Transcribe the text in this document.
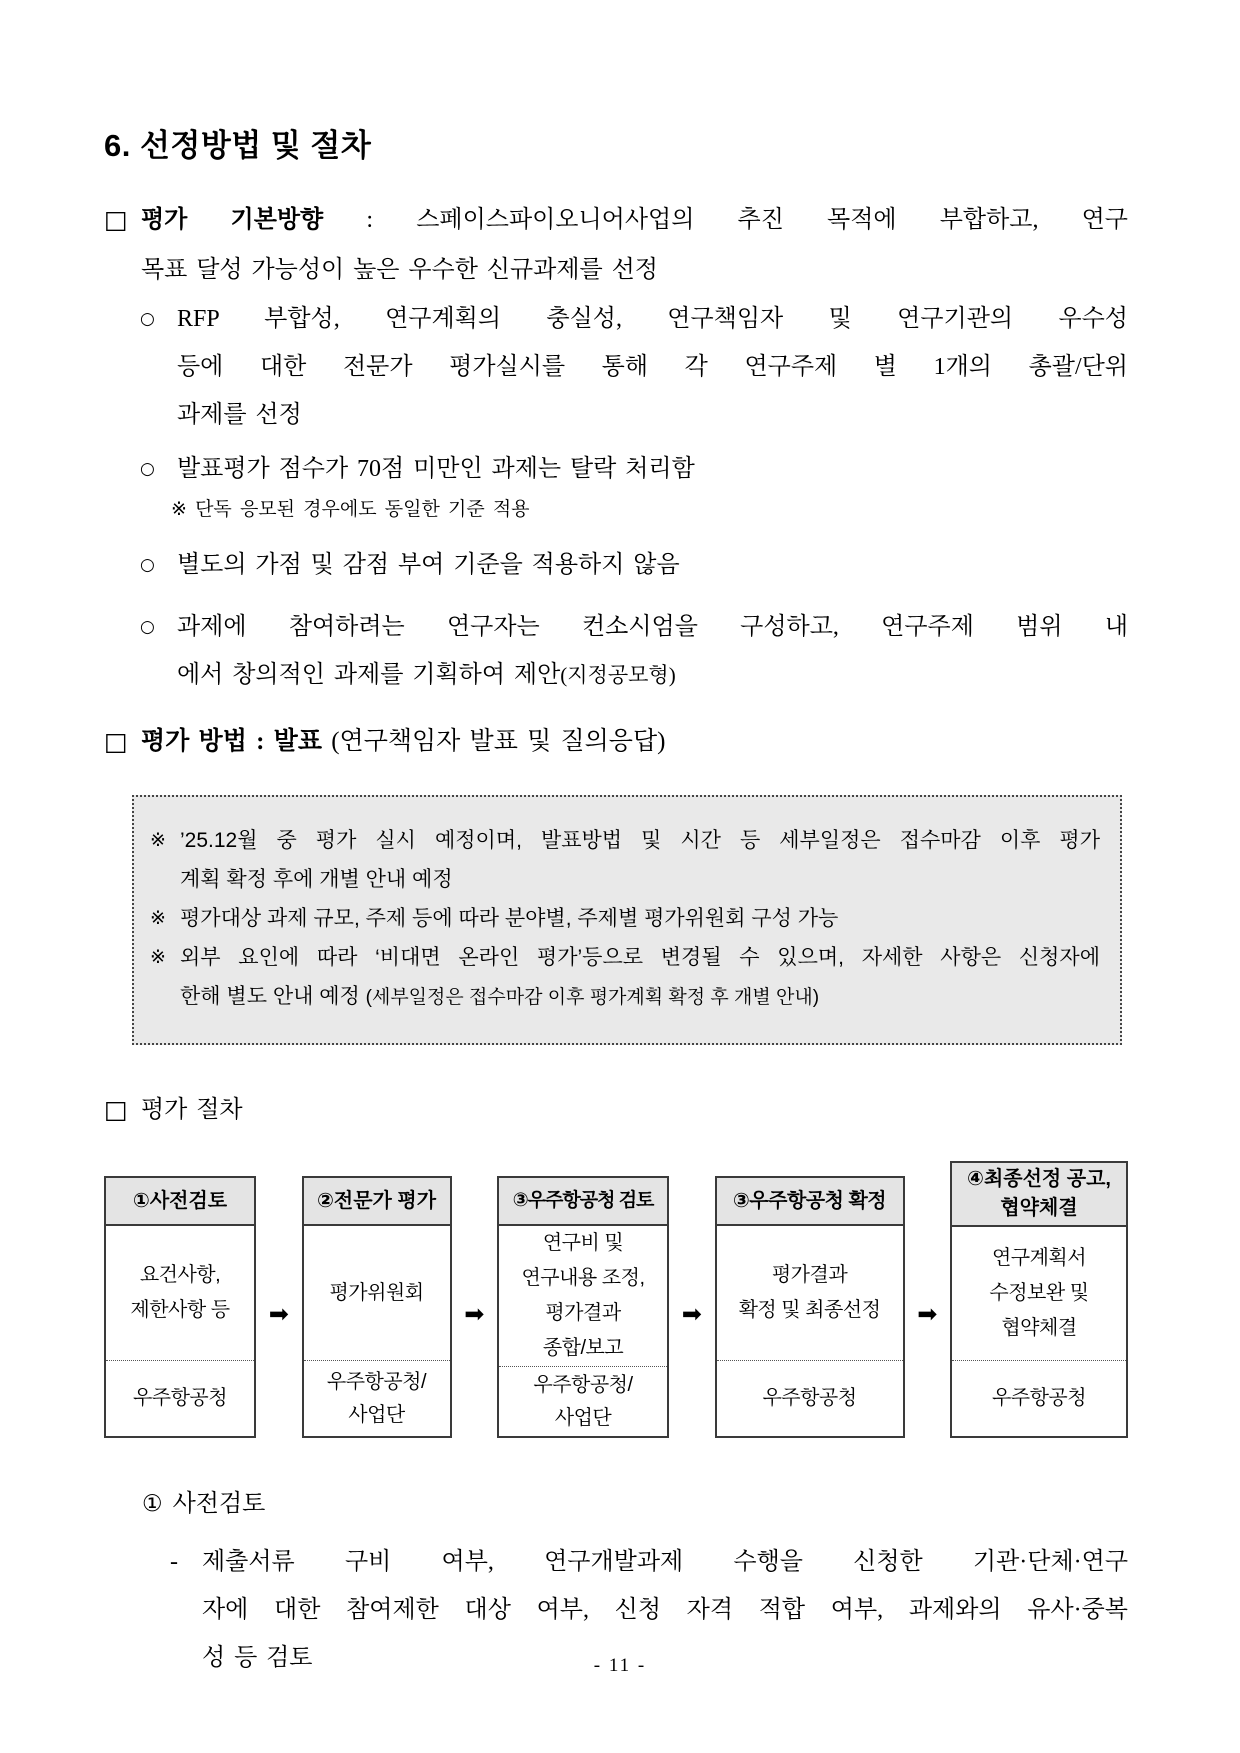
6. 선정방법 및 절차
□ 평가 기본방향 : 스페이스파이오니어사업의 추진 목적에 부합하고, 연구
목표 달성 가능성이 높은 우수한 신규과제를 선정
○ RFP 부합성, 연구계획의 충실성, 연구책임자 및 연구기관의 우수성
등에 대한 전문가 평가실시를 통해 각 연구주제 별 1개의 총괄/단위
과제를 선정
○ 발표평가 점수가 70점 미만인 과제는 탈락 처리함
※ 단독 응모된 경우에도 동일한 기준 적용
○ 별도의 가점 및 감점 부여 기준을 적용하지 않음
○ 과제에 참여하려는 연구자는 컨소시엄을 구성하고, 연구주제 범위 내
에서 창의적인 과제를 기획하여 제안(지정공모형)
□ 평가 방법 : 발표 (연구책임자 발표 및 질의응답)
※ ’25.12월 중 평가 실시 예정이며, 발표방법 및 시간 등 세부일정은 접수마감 이후 평가
계획 확정 후에 개별 안내 예정
※ 평가대상 과제 규모, 주제 등에 따라 분야별, 주제별 평가위원회 구성 가능
※ 외부 요인에 따라 ‘비대면 온라인 평가’등으로 변경될 수 있으며, 자세한 사항은 신청자에
한해 별도 안내 예정 (세부일정은 접수마감 이후 평가계획 확정 후 개별 안내)
□ 평가 절차
①사전검토
요건사항,
제한사항 등
우주항공청
➡
②전문가 평가
평가위원회
우주항공청/
사업단
➡
③우주항공청 검토
연구비 및
연구내용 조정,
평가결과
종합/보고
우주항공청/
사업단
➡
③우주항공청 확정
평가결과
확정 및 최종선정
우주항공청
➡
④최종선정 공고,
협약체결
연구계획서
수정보완 및
협약체결
우주항공청
① 사전검토
-	제출서류 구비 여부, 연구개발과제 수행을 신청한 기관·단체·연구
자에 대한 참여제한 대상 여부, 신청 자격 적합 여부, 과제와의 유사·중복
성 등 검토	- 11 -
